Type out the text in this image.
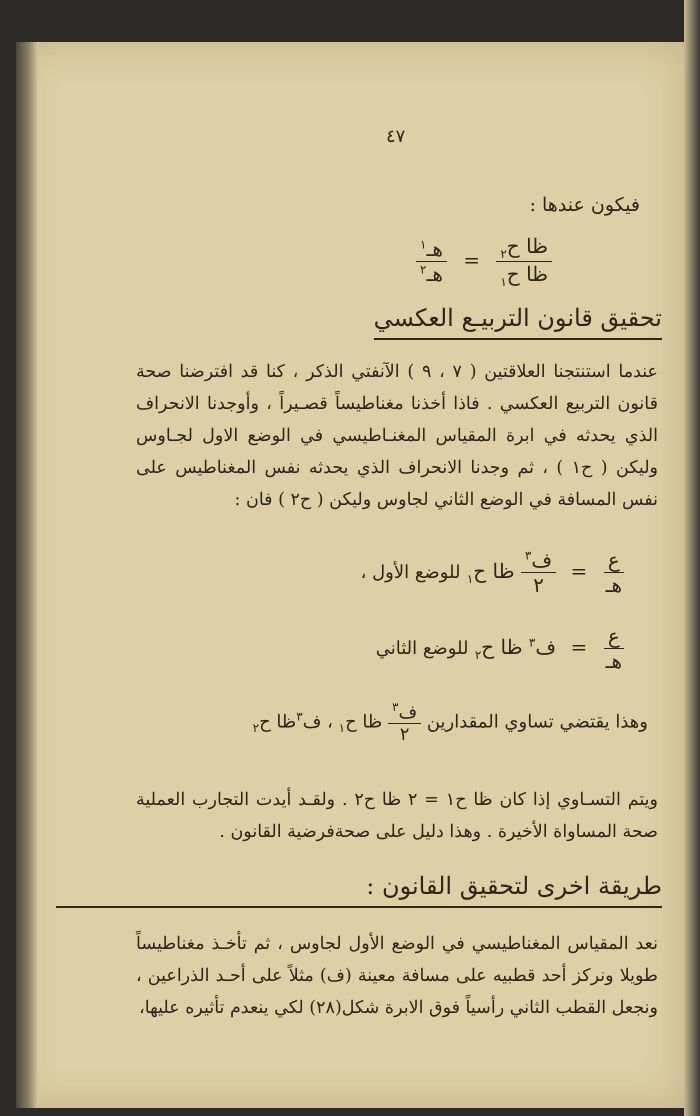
٤٧
فيكون عندها :
$\frac{هـ^١}{هـ^٢} = \frac{ظا ح_٢}{ظا ح_١}$
تحقيق قانون التربيـع العكسي
عندما استنتجنا العلاقتين ( ٧ ، ٩ ) الآنفتي الذكر ، كنا قد افترضنا صحة قانون التربيع العكسي . فاذا أخذنا مغناطيساً قصـيراً ، وأوجدنا الانحراف الذي يحدثه في ابرة المقياس المغنـاطيسي في الوضع الاول لجـاوس وليكن ( ح١ ) ، ثم وجدنا الانحراف الذي يحدثه نفس المغناطيس على نفس المسافة في الوضع الثاني لجاوس وليكن ( ح٢ ) فان :
$\frac{\text{ع}}{\text{هـ}}$
=
$\frac{ف^٣}{٢}$
ظا ح$_١$ للوضع الأول ،
$\frac{\text{ع}}{\text{هـ}}$
= ف$^٣$ ظا ح$_٢$ للوضع الثاني
وهذا يقتضي تساوي المقدارين
$\frac{ف^٣}{٢}$
ظا ح$_١$ ، ف$^٣$ظا ح$_٢$
ويتم التسـاوي إذا كان ظا ح١ = ٢ ظا ح٢ . ولقـد أيدت التجارب العملية صحة المساواة الأخيرة . وهذا دليل على صحةفرضية القانون .
طريقة اخرى لتحقيق القانون :
نعد المقياس المغناطيسي في الوضع الأول لجاوس ، ثم تأخـذ مغناطيساً طويلا ونركز أحد قطبيه على مسافة معينة (ف) مثلاً على أحـد الذراعين ، ونجعل القطب الثاني رأسياً فوق الابرة شكل(٢٨) لكي ينعدم تأثيره عليها،
